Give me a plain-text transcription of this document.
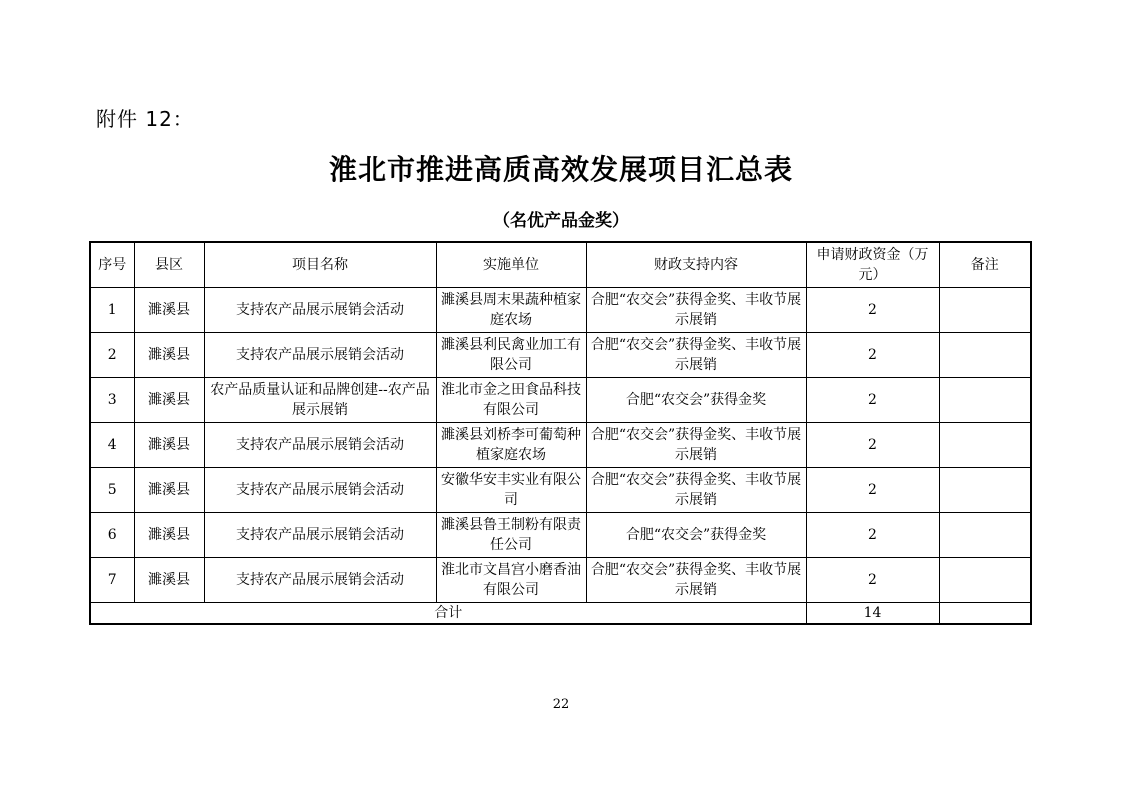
附件 12：
淮北市推进高质高效发展项目汇总表
（名优产品金奖）
序号	县区	项目名称	实施单位	财政支持内容	申请财政资金（万元）	备注
1	濉溪县	支持农产品展示展销会活动	濉溪县周末果蔬种植家庭农场	合肥“农交会”获得金奖、丰收节展示展销	2	
2	濉溪县	支持农产品展示展销会活动	濉溪县利民禽业加工有限公司	合肥“农交会”获得金奖、丰收节展示展销	2	
3	濉溪县	农产品质量认证和品牌创建--农产品展示展销	淮北市金之田食品科技有限公司	合肥“农交会”获得金奖	2	
4	濉溪县	支持农产品展示展销会活动	濉溪县刘桥李可葡萄种植家庭农场	合肥“农交会”获得金奖、丰收节展示展销	2	
5	濉溪县	支持农产品展示展销会活动	安徽华安丰实业有限公司	合肥“农交会”获得金奖、丰收节展示展销	2	
6	濉溪县	支持农产品展示展销会活动	濉溪县鲁王制粉有限责任公司	合肥“农交会”获得金奖	2	
7	濉溪县	支持农产品展示展销会活动	淮北市文昌宫小磨香油有限公司	合肥“农交会”获得金奖、丰收节展示展销	2	
合计					14	
22
